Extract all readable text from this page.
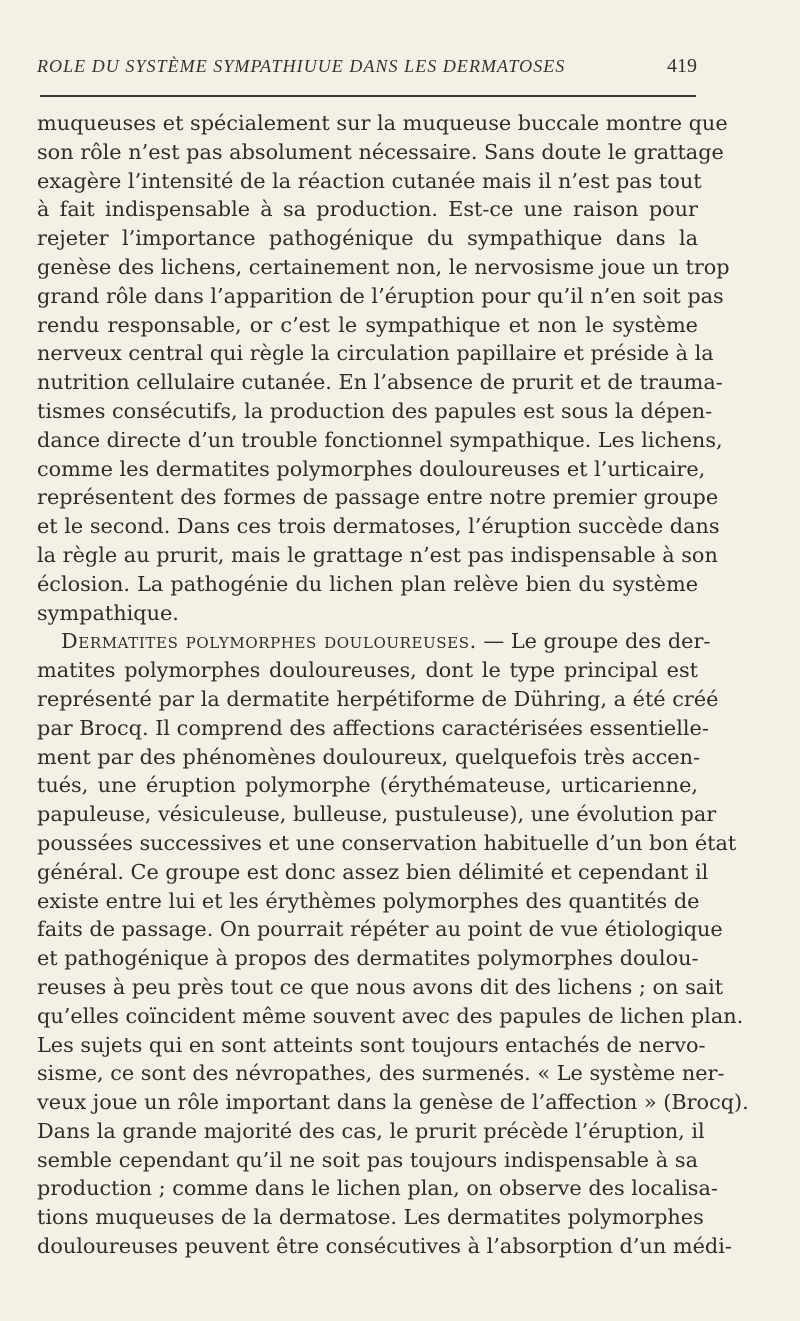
ROLE DU SYSTÈME SYMPATHIUUE DANS LES DERMATOSES	419
muqueuses et spécialement sur la muqueuse buccale montre que
son rôle n’est pas absolument nécessaire. Sans doute le grattage
exagère l’intensité de la réaction cutanée mais il n’est pas tout
à fait indispensable à sa production. Est-ce une raison pour
rejeter l’importance pathogénique du sympathique dans la
genèse des lichens, certainement non, le nervosisme joue un trop
grand rôle dans l’apparition de l’éruption pour qu’il n’en soit pas
rendu responsable, or c’est le sympathique et non le système
nerveux central qui règle la circulation papillaire et préside à la
nutrition cellulaire cutanée. En l’absence de prurit et de trauma-
tismes consécutifs, la production des papules est sous la dépen-
dance directe d’un trouble fonctionnel sympathique. Les lichens,
comme les dermatites polymorphes douloureuses et l’urticaire,
représentent des formes de passage entre notre premier groupe
et le second. Dans ces trois dermatoses, l’éruption succède dans
la règle au prurit, mais le grattage n’est pas indispensable à son
éclosion. La pathogénie du lichen plan relève bien du système
sympathique.
Dermatites polymorphes douloureuses. — Le groupe des der-
matites polymorphes douloureuses, dont le type principal est
représenté par la dermatite herpétiforme de Dühring, a été créé
par Brocq. Il comprend des affections caractérisées essentielle-
ment par des phénomènes douloureux, quelquefois très accen-
tués, une éruption polymorphe (érythémateuse, urticarienne,
papuleuse, vésiculeuse, bulleuse, pustuleuse), une évolution par
poussées successives et une conservation habituelle d’un bon état
général. Ce groupe est donc assez bien délimité et cependant il
existe entre lui et les érythèmes polymorphes des quantités de
faits de passage. On pourrait répéter au point de vue étiologique
et pathogénique à propos des dermatites polymorphes doulou-
reuses à peu près tout ce que nous avons dit des lichens ; on sait
qu’elles coïncident même souvent avec des papules de lichen plan.
Les sujets qui en sont atteints sont toujours entachés de nervo-
sisme, ce sont des névropathes, des surmenés. « Le système ner-
veux joue un rôle important dans la genèse de l’affection » (Brocq).
Dans la grande majorité des cas, le prurit précède l’éruption, il
semble cependant qu’il ne soit pas toujours indispensable à sa
production ; comme dans le lichen plan, on observe des localisa-
tions muqueuses de la dermatose. Les dermatites polymorphes
douloureuses peuvent être consécutives à l’absorption d’un médi-
